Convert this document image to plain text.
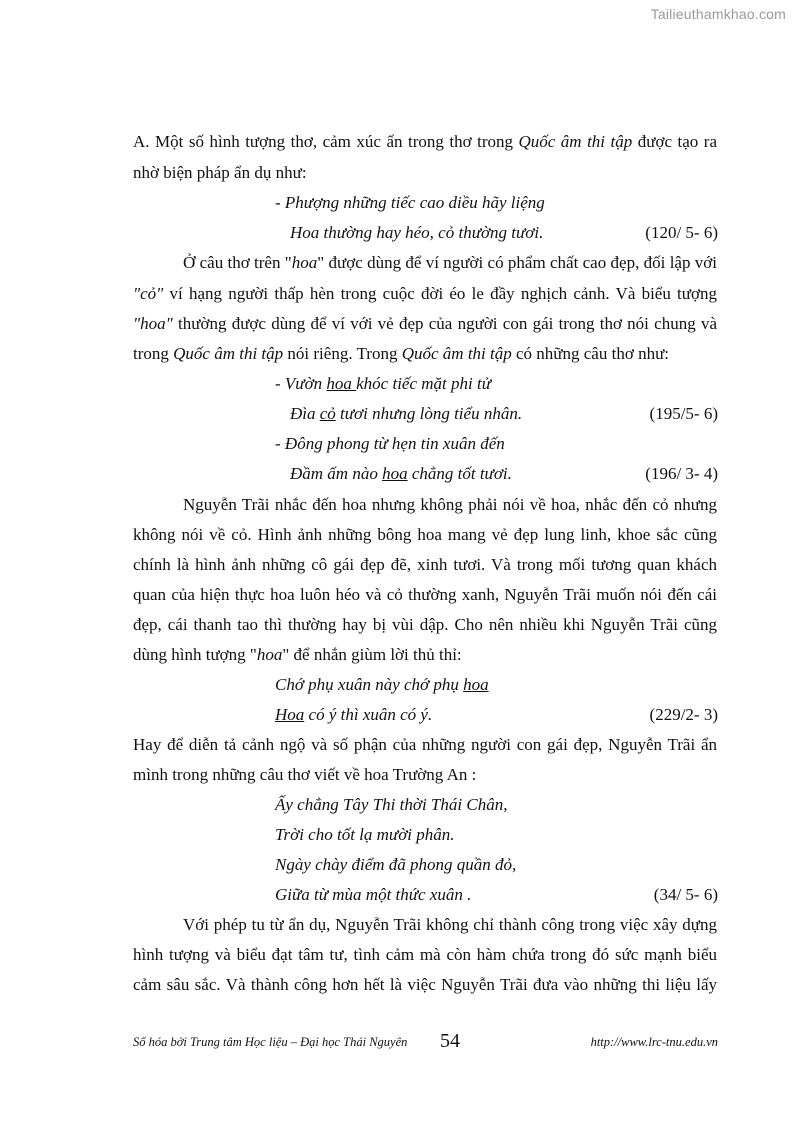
Tailieuthamkhao.com
A. Một số hình tượng thơ, cảm xúc ẩn trong thơ trong Quốc âm thi tập được tạo ra
nhờ biện pháp ẩn dụ như:
- Phượng những tiếc cao diều hãy liệng
Hoa thường hay héo, cỏ thường tươi.	(120/ 5- 6)
Ở câu thơ trên "hoa" được dùng để ví người có phẩm chất cao đẹp, đối lập với
"cỏ" ví hạng người thấp hèn trong cuộc đời éo le đầy nghịch cảnh. Và biểu tượng
"hoa" thường được dùng để ví với vẻ đẹp của người con gái trong thơ nói chung và
trong Quốc âm thi tập nói riêng. Trong Quốc âm thi tập có những câu thơ như:
- Vườn hoa khóc tiếc mặt phi tử
Đìa cỏ tươi nhưng lòng tiểu nhân.	(195/5- 6)
- Đông phong từ hẹn tin xuân đến
Đầm ấm nào hoa chẳng tốt tươi.	(196/ 3- 4)
Nguyễn Trãi nhắc đến hoa nhưng không phải nói về hoa, nhắc đến cỏ nhưng
không nói về cỏ. Hình ảnh những bông hoa mang vẻ đẹp lung linh, khoe sắc cũng
chính là hình ảnh những cô gái đẹp đẽ, xinh tươi. Và trong mối tương quan khách
quan của hiện thực hoa luôn héo và cỏ thường xanh, Nguyễn Trãi muốn nói đến cái
đẹp, cái thanh tao thì thường hay bị vùi dập. Cho nên nhiều khi Nguyễn Trãi cũng
dùng hình tượng "hoa" để nhắn giùm lời thủ thỉ:
Chớ phụ xuân này chớ phụ hoa
Hoa có ý thì xuân có ý.	(229/2- 3)
Hay để diễn tả cảnh ngộ và số phận của những người con gái đẹp, Nguyễn Trãi ẩn
mình trong những câu thơ viết về hoa Trường An :
Ấy chẳng Tây Thi thời Thái Chân,
Trời cho tốt lạ mười phân.
Ngày chày điểm đã phong quần đỏ,
Giữa từ mùa một thức xuân .	(34/ 5- 6)
Với phép tu từ ẩn dụ, Nguyễn Trãi không chỉ thành công trong việc xây dựng
hình tượng và biểu đạt tâm tư, tình cảm mà còn hàm chứa trong đó sức mạnh biểu
cảm sâu sắc. Và thành công hơn hết là việc Nguyễn Trãi đưa vào những thi liệu lấy
Số hóa bởi Trung tâm Học liệu – Đại học Thái Nguyên 54	http://www.lrc-tnu.edu.vn
